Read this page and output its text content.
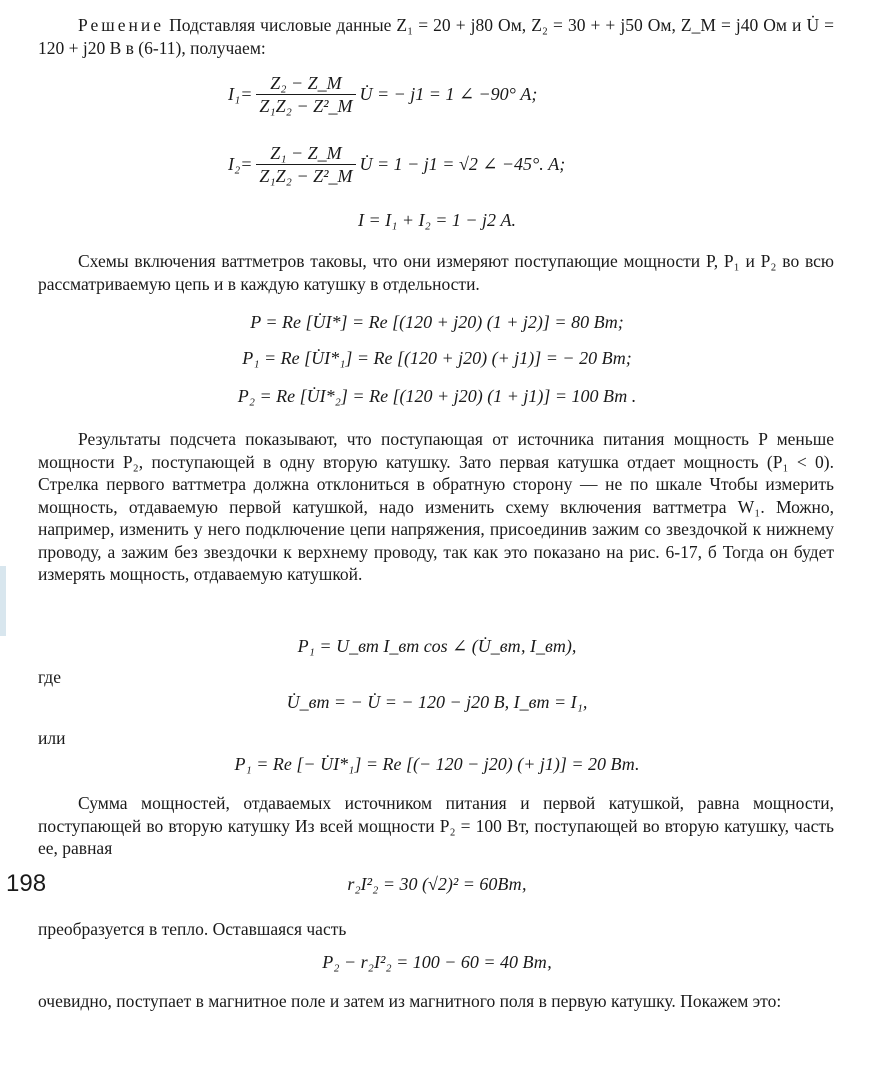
Решение Подставляя числовые данные Z₁ = 20 + j80 Ом, Z₂ = 30 + + j50 Ом, Z_M = j40 Ом и U̇ = 120 + j20 В в (6-11), получаем:

$I_1= \frac{\text{Z₂ − Z\_M}}{\text{Z₁Z₂ − Z²\_M}}$ U̇ = − j1 = 1 ∠ −90° А;
$I_2= \frac{\text{Z₁ − Z\_M}}{\text{Z₁Z₂ − Z²\_M}}$ U̇ = 1 − j1 = √2 ∠ −45°. А;
I = I₁ + I₂ = 1 − j2 А.

Схемы включения ваттметров таковы, что они измеряют поступающие мощности P, P₁ и P₂ во всю рассматриваемую цепь и в каждую катушку в отдельности.

P = Re [U̇I*] = Re [(120 + j20) (1 + j2)] = 80 Вт;
P₁ = Re [U̇I*₁] = Re [(120 + j20) (+ j1)] = − 20 Вт;
P₂ = Re [U̇I*₂] = Re [(120 + j20) (1 + j1)] = 100 Вт .

Результаты подсчета показывают, что поступающая от источника питания мощность P меньше мощности P₂, поступающей в одну вторую катушку. Зато первая катушка отдает мощность (P₁ < 0). Стрелка первого ваттметра должна отклониться в обратную сторону — не по шкале Чтобы измерить мощность, отдаваемую первой катушкой, надо изменить схему включения ваттметра W₁. Можно, например, изменить у него подключение цепи напряжения, присоединив зажим со звездочкой к нижнему проводу, а зажим без звездочки к верхнему проводу, так как это показано на рис. 6-17, б Тогда он будет измерять мощность, отдаваемую катушкой.

P₁ = U_вт I_вт cos ∠ (U̇_вт, I_вт),
где
U̇_вт = − U̇ = − 120 − j20 В, I_вт = I₁,
или
P₁ = Re [− U̇I*₁] = Re [(− 120 − j20) (+ j1)] = 20 Вт.

Сумма мощностей, отдаваемых источником питания и первой катушкой, равна мощности, поступающей во вторую катушку Из всей мощности P₂ = 100 Вт, поступающей во вторую катушку, часть ее, равная

198	r₂I²₂ = 30 (√2)² = 60Вт,

преобразуется в тепло. Оставшаяся часть

P₂ − r₂I²₂ = 100 − 60 = 40 Вт,

очевидно, поступает в магнитное поле и затем из магнитного поля в первую катушку. Покажем это:
